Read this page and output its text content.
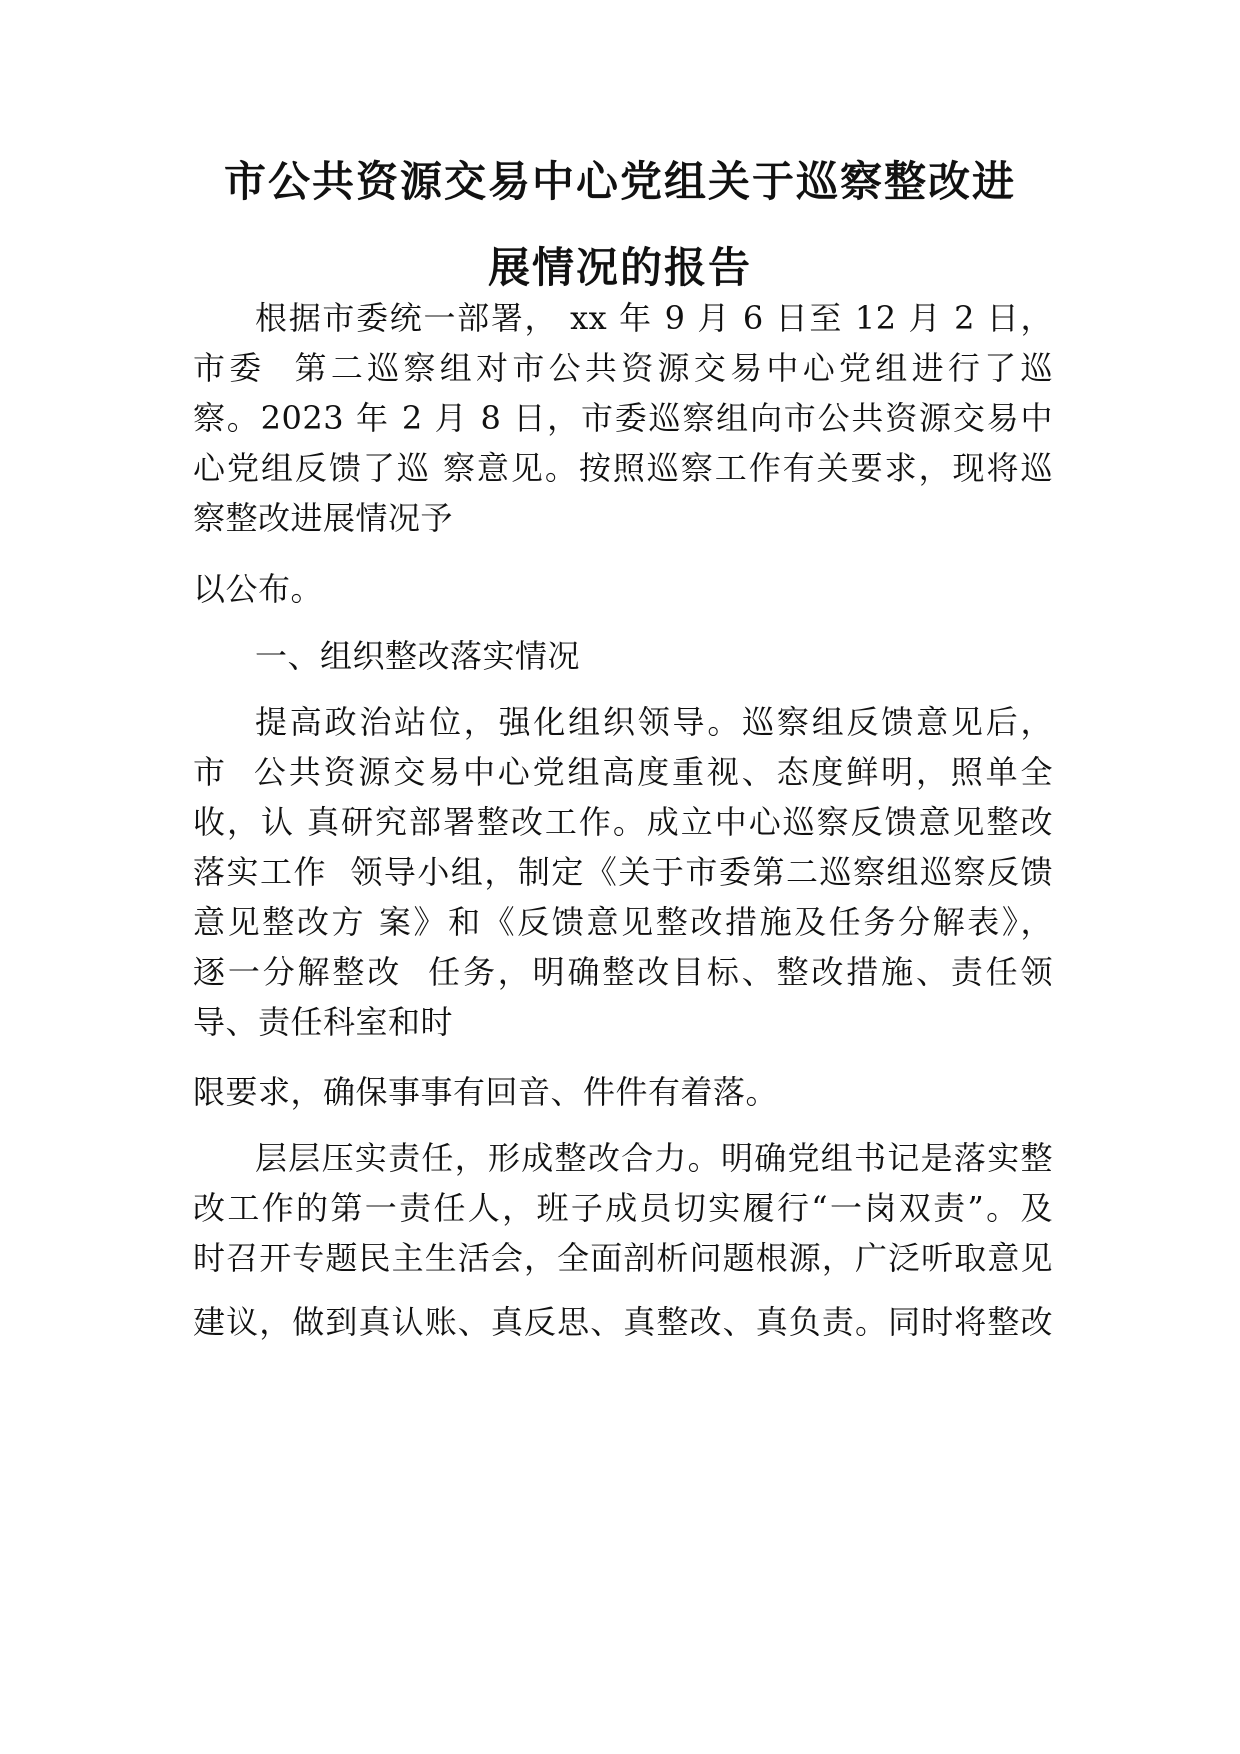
市公共资源交易中心党组关于巡察整改进
展情况的报告

根据市委统一部署， xx 年 9 月 6 日至 12 月 2 日，

市委  第二巡察组对市公共资源交易中心党组进行了巡

察。2023 年 2 月 8 日，市委巡察组向市公共资源交易中

心党组反馈了巡 察意见。按照巡察工作有关要求，现将巡

察整改进展情况予

以公布。

一、组织整改落实情况

提高政治站位，强化组织领导。巡察组反馈意见后，

市  公共资源交易中心党组高度重视、态度鲜明，照单全

收，认 真研究部署整改工作。成立中心巡察反馈意见整改

落实工作  领导小组，制定《关于市委第二巡察组巡察反馈

意见整改方 案》和《反馈意见整改措施及任务分解表》，

逐一分解整改  任务，明确整改目标、整改措施、责任领

导、责任科室和时

限要求，确保事事有回音、件件有着落。

层层压实责任，形成整改合力。明确党组书记是落实整

改工作的第一责任人，班子成员切实履行“一岗双责”。及

时召开专题民主生活会，全面剖析问题根源，广泛听取意见

建议，做到真认账、真反思、真整改、真负责。同时将整改
